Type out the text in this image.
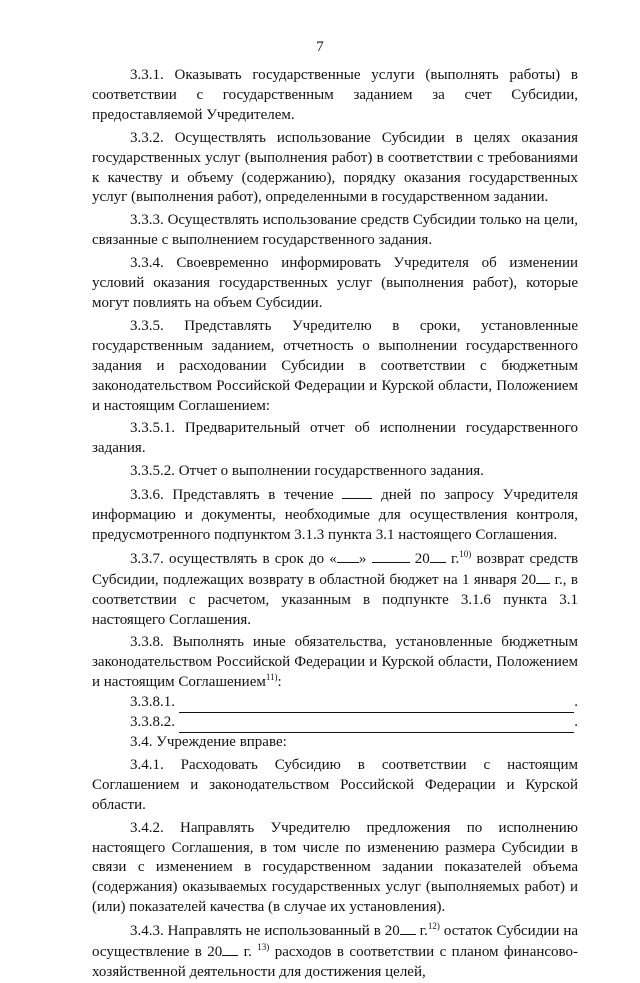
7

3.3.1. Оказывать государственные услуги (выполнять работы) в соответствии с государственным заданием за счет Субсидии, предоставляемой Учредителем.

3.3.2. Осуществлять использование Субсидии в целях оказания государственных услуг (выполнения работ) в соответствии с требованиями к качеству и объему (содержанию), порядку оказания государственных услуг (выполнения работ), определенными в государственном задании.

3.3.3. Осуществлять использование средств Субсидии только на цели, связанные с выполнением государственного задания.

3.3.4. Своевременно информировать Учредителя об изменении условий оказания государственных услуг (выполнения работ), которые могут повлиять на объем Субсидии.

3.3.5. Представлять Учредителю в сроки, установленные государственным заданием, отчетность о выполнении государственного задания и расходовании Субсидии в соответствии с бюджетным законодательством Российской Федерации и Курской области, Положением и настоящим Соглашением:

3.3.5.1. Предварительный отчет об исполнении государственного задания.

3.3.5.2. Отчет о выполнении государственного задания.

3.3.6. Представлять в течение	дней по запросу Учредителя информацию и документы, необходимые для осуществления контроля, предусмотренного подпунктом 3.1.3 пункта 3.1 настоящего Соглашения.

3.3.7. осуществлять в срок до « »	20 г.$^{10)}$ возврат средств Субсидии, подлежащих возврату в областной бюджет на 1 января 20 г., в соответствии с расчетом, указанным в подпункте 3.1.6 пункта 3.1 настоящего Соглашения.

3.3.8. Выполнять иные обязательства, установленные бюджетным законодательством Российской Федерации и Курской области, Положением и настоящим Соглашением$^{11)}$:

3.3.8.1.	.
3.3.8.2.	.

3.4. Учреждение вправе:

3.4.1. Расходовать Субсидию в соответствии с настоящим Соглашением и законодательством Российской Федерации и Курской области.

3.4.2. Направлять Учредителю предложения по исполнению настоящего Соглашения, в том числе по изменению размера Субсидии в связи с изменением в государственном задании показателей объема (содержания) оказываемых государственных услуг (выполняемых работ) и (или) показателей качества (в случае их установления).

3.4.3. Направлять не использованный в 20 г.$^{12)}$ остаток Субсидии на осуществление в 20 г. $^{13)}$ расходов в соответствии с планом финансово-хозяйственной деятельности для достижения целей,
